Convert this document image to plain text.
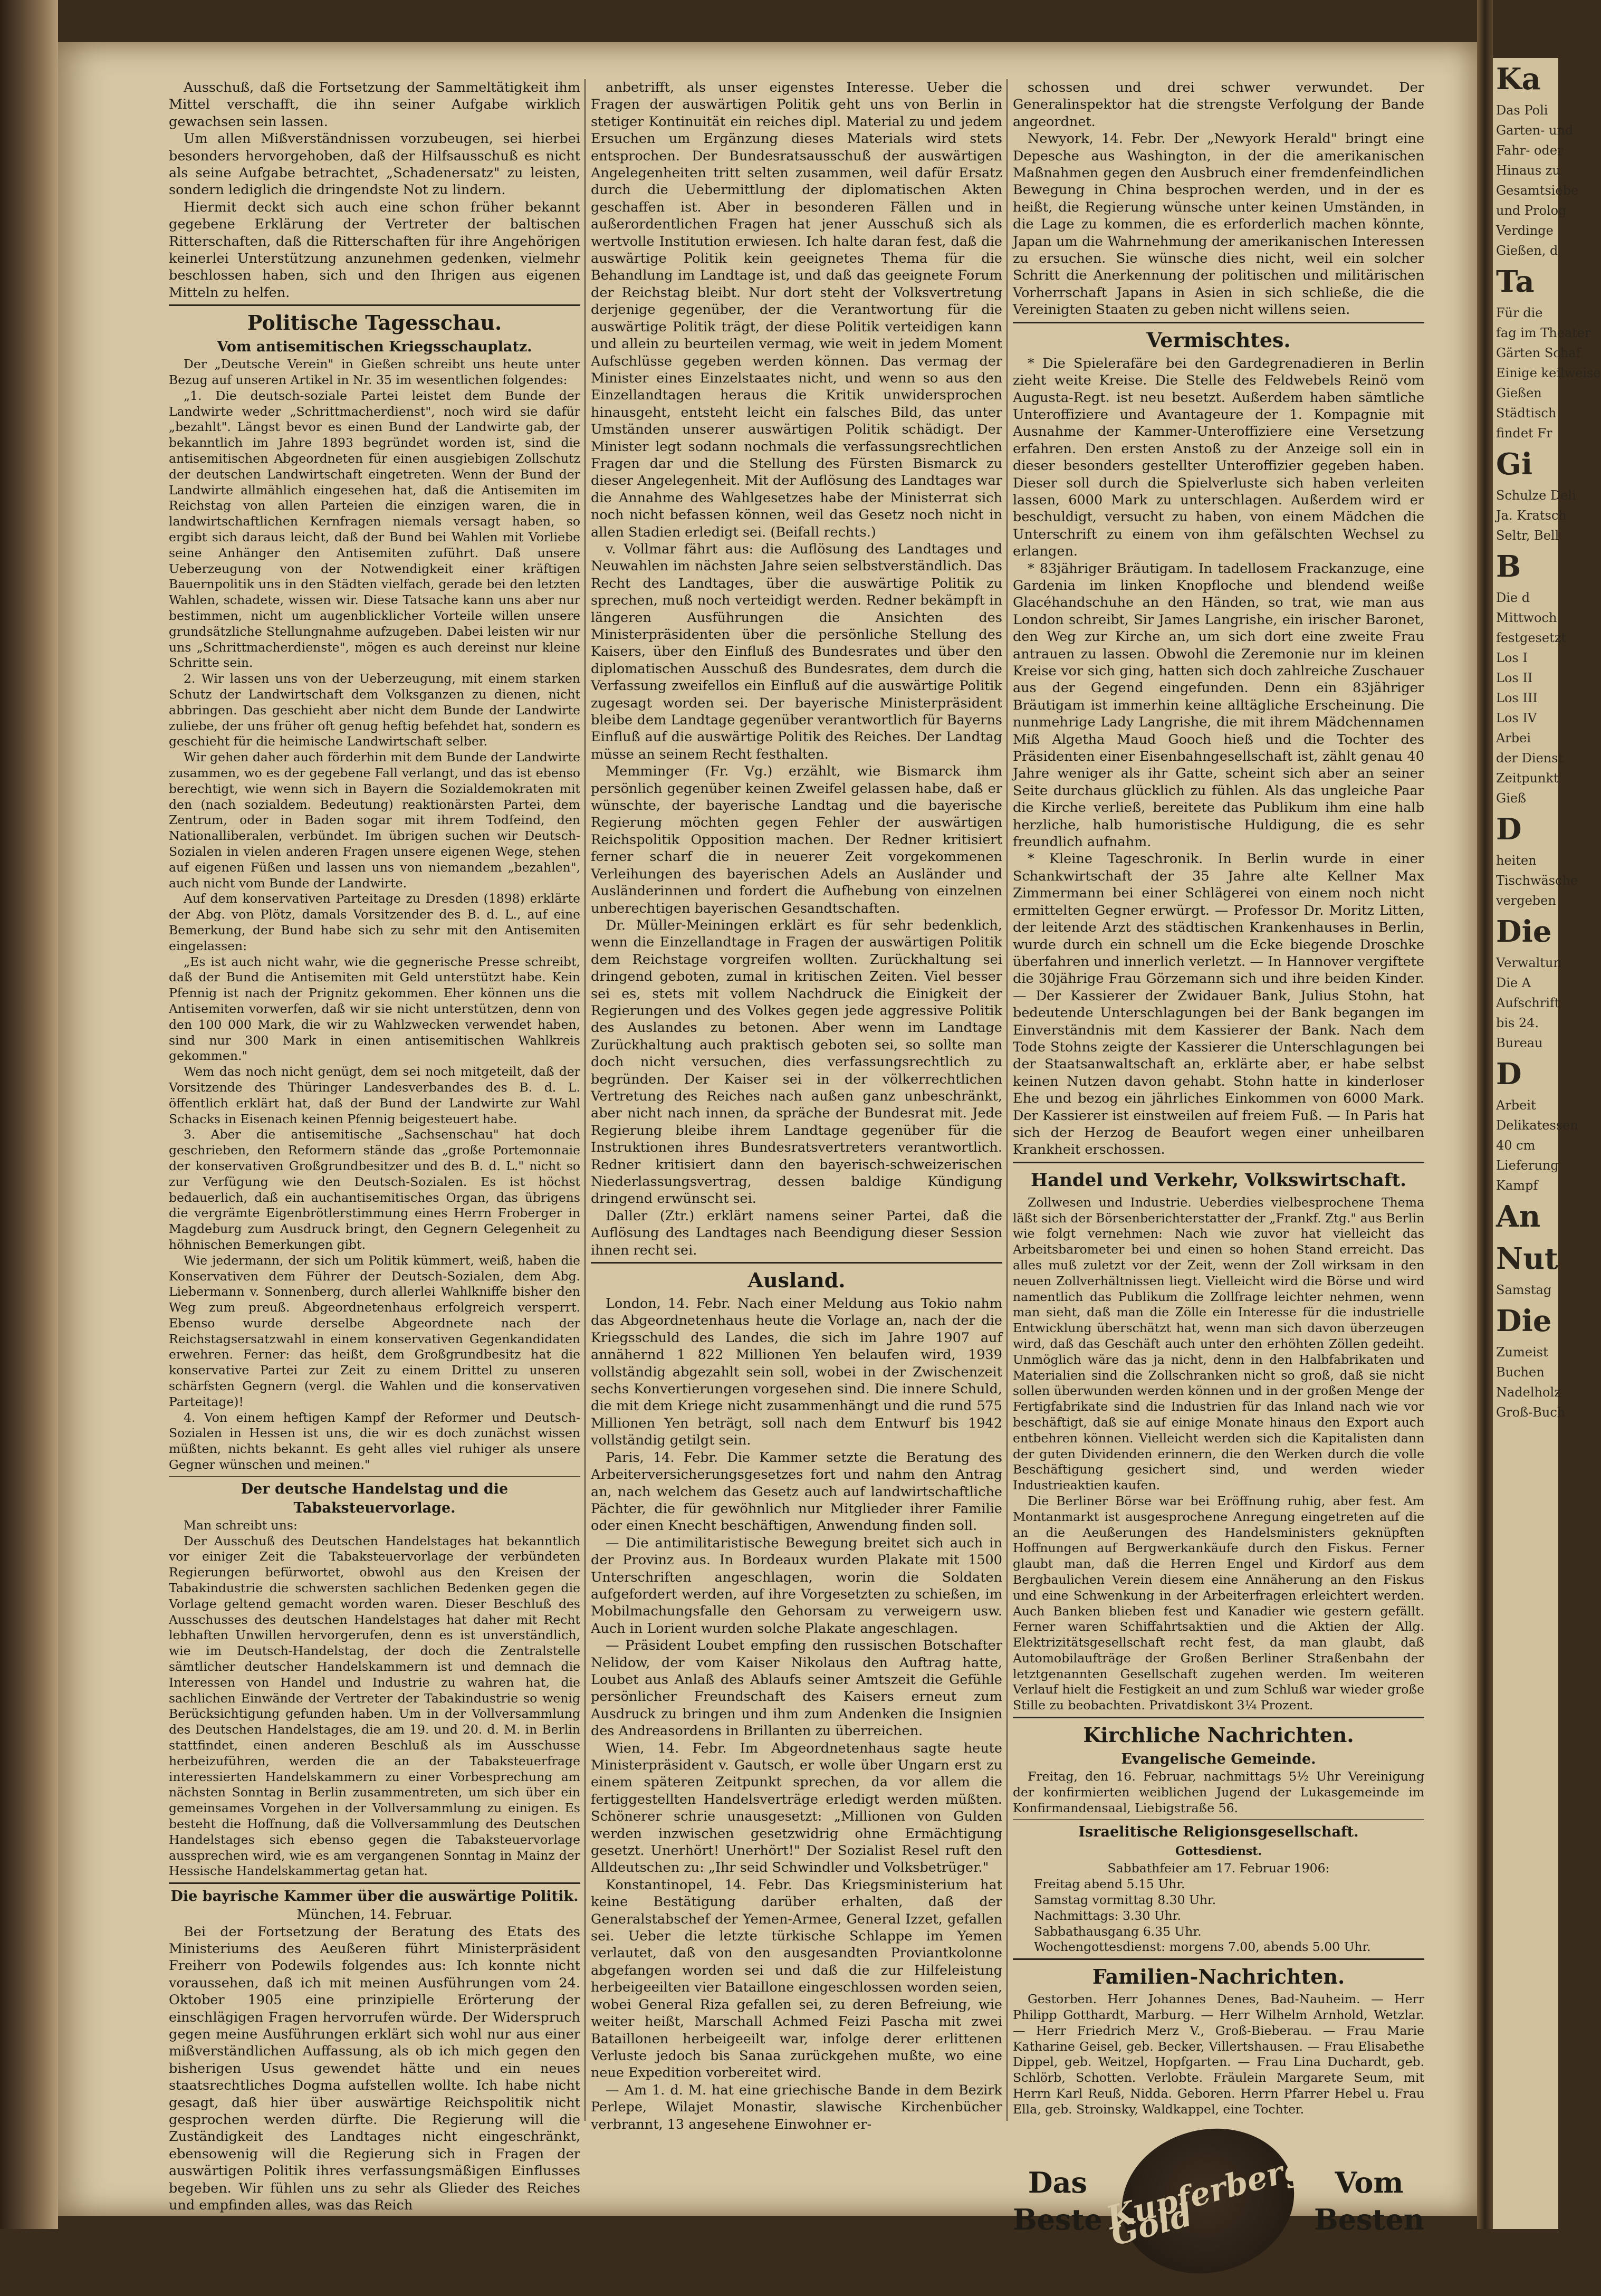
Ausschuß, daß die Fortsetzung der Sammeltätigkeit ihm Mittel verschafft, die ihn seiner Aufgabe wirklich gewachsen sein lassen.

Um allen Mißverständnissen vorzubeugen, sei hierbei besonders hervorgehoben, daß der Hilfsausschuß es nicht als seine Aufgabe betrachtet, „Schadenersatz" zu leisten, sondern lediglich die dringendste Not zu lindern.

Hiermit deckt sich auch eine schon früher bekannt gegebene Erklärung der Vertreter der baltischen Ritterschaften, daß die Ritterschaften für ihre Angehörigen keinerlei Unterstützung anzunehmen gedenken, vielmehr beschlossen haben, sich und den Ihrigen aus eigenen Mitteln zu helfen.

Politische Tagesschau.
Vom antisemitischen Kriegsschauplatz.

Der „Deutsche Verein" in Gießen schreibt uns heute unter Bezug auf unseren Artikel in Nr. 35 im wesentlichen folgendes:

„1. Die deutsch-soziale Partei leistet dem Bunde der Landwirte weder „Schrittmacherdienst", noch wird sie dafür „bezahlt". Längst bevor es einen Bund der Landwirte gab, der bekanntlich im Jahre 1893 begründet worden ist, sind die antisemitischen Abgeordneten für einen ausgiebigen Zollschutz der deutschen Landwirtschaft eingetreten. Wenn der Bund der Landwirte allmählich eingesehen hat, daß die Antisemiten im Reichstag von allen Parteien die einzigen waren, die in landwirtschaftlichen Kernfragen niemals versagt haben, so ergibt sich daraus leicht, daß der Bund bei Wahlen mit Vorliebe seine Anhänger den Antisemiten zuführt. Daß unsere Ueberzeugung von der Notwendigkeit einer kräftigen Bauernpolitik uns in den Städten vielfach, gerade bei den letzten Wahlen, schadete, wissen wir. Diese Tatsache kann uns aber nur bestimmen, nicht um augenblicklicher Vorteile willen unsere grundsätzliche Stellungnahme aufzugeben. Dabei leisten wir nur uns „Schrittmacherdienste", mögen es auch dereinst nur kleine Schritte sein.

2. Wir lassen uns von der Ueberzeugung, mit einem starken Schutz der Landwirtschaft dem Volksganzen zu dienen, nicht abbringen. Das geschieht aber nicht dem Bunde der Landwirte zuliebe, der uns früher oft genug heftig befehdet hat, sondern es geschieht für die heimische Landwirtschaft selber.

Wir gehen daher auch förderhin mit dem Bunde der Landwirte zusammen, wo es der gegebene Fall verlangt, und das ist ebenso berechtigt, wie wenn sich in Bayern die Sozialdemokraten mit den (nach sozialdem. Bedeutung) reaktionärsten Partei, dem Zentrum, oder in Baden sogar mit ihrem Todfeind, den Nationalliberalen, verbündet. Im übrigen suchen wir Deutsch-Sozialen in vielen anderen Fragen unsere eigenen Wege, stehen auf eigenen Füßen und lassen uns von niemandem „bezahlen", auch nicht vom Bunde der Landwirte.

Auf dem konservativen Parteitage zu Dresden (1898) erklärte der Abg. von Plötz, damals Vorsitzender des B. d. L., auf eine Bemerkung, der Bund habe sich zu sehr mit den Antisemiten eingelassen:

„Es ist auch nicht wahr, wie die gegnerische Presse schreibt, daß der Bund die Antisemiten mit Geld unterstützt habe. Kein Pfennig ist nach der Prignitz gekommen. Eher können uns die Antisemiten vorwerfen, daß wir sie nicht unterstützen, denn von den 100 000 Mark, die wir zu Wahlzwecken verwendet haben, sind nur 300 Mark in einen antisemitischen Wahlkreis gekommen."

Wem das noch nicht genügt, dem sei noch mitgeteilt, daß der Vorsitzende des Thüringer Landesverbandes des B. d. L. öffentlich erklärt hat, daß der Bund der Landwirte zur Wahl Schacks in Eisenach keinen Pfennig beigesteuert habe.

3. Aber die antisemitische „Sachsenschau" hat doch geschrieben, den Reformern stände das „große Portemonnaie der konservativen Großgrundbesitzer und des B. d. L." nicht so zur Verfügung wie den Deutsch-Sozialen. Es ist höchst bedauerlich, daß ein auchantisemitisches Organ, das übrigens die vergrämte Eigenbrötlerstimmung eines Herrn Froberger in Magdeburg zum Ausdruck bringt, den Gegnern Gelegenheit zu höhnischen Bemerkungen gibt.

Wie jedermann, der sich um Politik kümmert, weiß, haben die Konservativen dem Führer der Deutsch-Sozialen, dem Abg. Liebermann v. Sonnenberg, durch allerlei Wahlkniffe bisher den Weg zum preuß. Abgeordnetenhaus erfolgreich versperrt. Ebenso wurde derselbe Abgeordnete nach der Reichstagsersatzwahl in einem konservativen Gegenkandidaten erwehren. Ferner: das heißt, dem Großgrundbesitz hat die konservative Partei zur Zeit zu einem Drittel zu unseren schärfsten Gegnern (vergl. die Wahlen und die konservativen Parteitage)!

4. Von einem heftigen Kampf der Reformer und Deutsch-Sozialen in Hessen ist uns, die wir es doch zunächst wissen müßten, nichts bekannt. Es geht alles viel ruhiger als unsere Gegner wünschen und meinen."

Der deutsche Handelstag und die Tabaksteuervorlage.

Man schreibt uns:

Der Ausschuß des Deutschen Handelstages hat bekanntlich vor einiger Zeit die Tabaksteuervorlage der verbündeten Regierungen befürwortet, obwohl aus den Kreisen der Tabakindustrie die schwersten sachlichen Bedenken gegen die Vorlage geltend gemacht worden waren. Dieser Beschluß des Ausschusses des deutschen Handelstages hat daher mit Recht lebhaften Unwillen hervorgerufen, denn es ist unverständlich, wie im Deutsch-Handelstag, der doch die Zentralstelle sämtlicher deutscher Handelskammern ist und demnach die Interessen von Handel und Industrie zu wahren hat, die sachlichen Einwände der Vertreter der Tabakindustrie so wenig Berücksichtigung gefunden haben. Um in der Vollversammlung des Deutschen Handelstages, die am 19. und 20. d. M. in Berlin stattfindet, einen anderen Beschluß als im Ausschusse herbeizuführen, werden die an der Tabaksteuerfrage interessierten Handelskammern zu einer Vorbesprechung am nächsten Sonntag in Berlin zusammentreten, um sich über ein gemeinsames Vorgehen in der Vollversammlung zu einigen. Es besteht die Hoffnung, daß die Vollversammlung des Deutschen Handelstages sich ebenso gegen die Tabaksteuervorlage aussprechen wird, wie es am vergangenen Sonntag in Mainz der Hessische Handelskammertag getan hat.

Die bayrische Kammer über die auswärtige Politik.

München, 14. Februar.

Bei der Fortsetzung der Beratung des Etats des Ministeriums des Aeußeren führt Ministerpräsident Freiherr von Podewils folgendes aus: Ich konnte nicht voraussehen, daß ich mit meinen Ausführungen vom 24. Oktober 1905 eine prinzipielle Erörterung der einschlägigen Fragen hervorrufen würde. Der Widerspruch gegen meine Ausführungen erklärt sich wohl nur aus einer mißverständlichen Auffassung, als ob ich mich gegen den bisherigen Usus gewendet hätte und ein neues staatsrechtliches Dogma aufstellen wollte. Ich habe nicht gesagt, daß hier über auswärtige Reichspolitik nicht gesprochen werden dürfte. Die Regierung will die Zuständigkeit des Landtages nicht eingeschränkt, ebensowenig will die Regierung sich in Fragen der auswärtigen Politik ihres verfassungsmäßigen Einflusses begeben. Wir fühlen uns zu sehr als Glieder des Reiches und empfinden alles, was das Reich

anbetrifft, als unser eigenstes Interesse. Ueber die Fragen der auswärtigen Politik geht uns von Berlin in stetiger Kontinuität ein reiches dipl. Material zu und jedem Ersuchen um Ergänzung dieses Materials wird stets entsprochen. Der Bundesratsausschuß der auswärtigen Angelegenheiten tritt selten zusammen, weil dafür Ersatz durch die Uebermittlung der diplomatischen Akten geschaffen ist. Aber in besonderen Fällen und in außerordentlichen Fragen hat jener Ausschuß sich als wertvolle Institution erwiesen. Ich halte daran fest, daß die auswärtige Politik kein geeignetes Thema für die Behandlung im Landtage ist, und daß das geeignete Forum der Reichstag bleibt. Nur dort steht der Volksvertretung derjenige gegenüber, der die Verantwortung für die auswärtige Politik trägt, der diese Politik verteidigen kann und allein zu beurteilen vermag, wie weit in jedem Moment Aufschlüsse gegeben werden können. Das vermag der Minister eines Einzelstaates nicht, und wenn so aus den Einzellandtagen heraus die Kritik unwidersprochen hinausgeht, entsteht leicht ein falsches Bild, das unter Umständen unserer auswärtigen Politik schädigt. Der Minister legt sodann nochmals die verfassungsrechtlichen Fragen dar und die Stellung des Fürsten Bismarck zu dieser Angelegenheit. Mit der Auflösung des Landtages war die Annahme des Wahlgesetzes habe der Ministerrat sich noch nicht befassen können, weil das Gesetz noch nicht in allen Stadien erledigt sei. (Beifall rechts.)

v. Vollmar fährt aus: die Auflösung des Landtages und Neuwahlen im nächsten Jahre seien selbstverständlich. Das Recht des Landtages, über die auswärtige Politik zu sprechen, muß noch verteidigt werden. Redner bekämpft in längeren Ausführungen die Ansichten des Ministerpräsidenten über die persönliche Stellung des Kaisers, über den Einfluß des Bundesrates und über den diplomatischen Ausschuß des Bundesrates, dem durch die Verfassung zweifellos ein Einfluß auf die auswärtige Politik zugesagt worden sei. Der bayerische Ministerpräsident bleibe dem Landtage gegenüber verantwortlich für Bayerns Einfluß auf die auswärtige Politik des Reiches. Der Landtag müsse an seinem Recht festhalten.

Memminger (Fr. Vg.) erzählt, wie Bismarck ihm persönlich gegenüber keinen Zweifel gelassen habe, daß er wünschte, der bayerische Landtag und die bayerische Regierung möchten gegen Fehler der auswärtigen Reichspolitik Opposition machen. Der Redner kritisiert ferner scharf die in neuerer Zeit vorgekommenen Verleihungen des bayerischen Adels an Ausländer und Ausländerinnen und fordert die Aufhebung von einzelnen unberechtigen bayerischen Gesandtschaften.

Dr. Müller-Meiningen erklärt es für sehr bedenklich, wenn die Einzellandtage in Fragen der auswärtigen Politik dem Reichstage vorgreifen wollten. Zurückhaltung sei dringend geboten, zumal in kritischen Zeiten. Viel besser sei es, stets mit vollem Nachdruck die Einigkeit der Regierungen und des Volkes gegen jede aggressive Politik des Auslandes zu betonen. Aber wenn im Landtage Zurückhaltung auch praktisch geboten sei, so sollte man doch nicht versuchen, dies verfassungsrechtlich zu begründen. Der Kaiser sei in der völkerrechtlichen Vertretung des Reiches nach außen ganz unbeschränkt, aber nicht nach innen, da spräche der Bundesrat mit. Jede Regierung bleibe ihrem Landtage gegenüber für die Instruktionen ihres Bundesratsvertreters verantwortlich. Redner kritisiert dann den bayerisch-schweizerischen Niederlassungsvertrag, dessen baldige Kündigung dringend erwünscht sei.

Daller (Ztr.) erklärt namens seiner Partei, daß die Auflösung des Landtages nach Beendigung dieser Session ihnen recht sei.

Ausland.

London, 14. Febr. Nach einer Meldung aus Tokio nahm das Abgeordnetenhaus heute die Vorlage an, nach der die Kriegsschuld des Landes, die sich im Jahre 1907 auf annähernd 1 822 Millionen Yen belaufen wird, 1939 vollständig abgezahlt sein soll, wobei in der Zwischenzeit sechs Konvertierungen vorgesehen sind. Die innere Schuld, die mit dem Kriege nicht zusammenhängt und die rund 575 Millionen Yen beträgt, soll nach dem Entwurf bis 1942 vollständig getilgt sein.

Paris, 14. Febr. Die Kammer setzte die Beratung des Arbeiterversicherungsgesetzes fort und nahm den Antrag an, nach welchem das Gesetz auch auf landwirtschaftliche Pächter, die für gewöhnlich nur Mitglieder ihrer Familie oder einen Knecht beschäftigen, Anwendung finden soll.

— Die antimilitaristische Bewegung breitet sich auch in der Provinz aus. In Bordeaux wurden Plakate mit 1500 Unterschriften angeschlagen, worin die Soldaten aufgefordert werden, auf ihre Vorgesetzten zu schießen, im Mobilmachungsfalle den Gehorsam zu verweigern usw. Auch in Lorient wurden solche Plakate angeschlagen.

— Präsident Loubet empfing den russischen Botschafter Nelidow, der vom Kaiser Nikolaus den Auftrag hatte, Loubet aus Anlaß des Ablaufs seiner Amtszeit die Gefühle persönlicher Freundschaft des Kaisers erneut zum Ausdruck zu bringen und ihm zum Andenken die Insignien des Andreasordens in Brillanten zu überreichen.

Wien, 14. Febr. Im Abgeordnetenhaus sagte heute Ministerpräsident v. Gautsch, er wolle über Ungarn erst zu einem späteren Zeitpunkt sprechen, da vor allem die fertiggestellten Handelsverträge erledigt werden müßten. Schönerer schrie unausgesetzt: „Millionen von Gulden werden inzwischen gesetzwidrig ohne Ermächtigung gesetzt. Unerhört! Unerhört!" Der Sozialist Resel ruft den Alldeutschen zu: „Ihr seid Schwindler und Volksbetrüger."

Konstantinopel, 14. Febr. Das Kriegsministerium hat keine Bestätigung darüber erhalten, daß der Generalstabschef der Yemen-Armee, General Izzet, gefallen sei. Ueber die letzte türkische Schlappe im Yemen verlautet, daß von den ausgesandten Proviantkolonne abgefangen worden sei und daß die zur Hilfeleistung herbeigeeilten vier Bataillone eingeschlossen worden seien, wobei General Riza gefallen sei, zu deren Befreiung, wie weiter heißt, Marschall Achmed Feizi Pascha mit zwei Bataillonen herbeigeeilt war, infolge derer erlittenen Verluste jedoch bis Sanaa zurückgehen mußte, wo eine neue Expedition vorbereitet wird.

— Am 1. d. M. hat eine griechische Bande in dem Bezirk Perlepe, Wilajet Monastir, slawische Kirchenbücher verbrannt, 13 angesehene Einwohner er-

schossen und drei schwer verwundet. Der Generalinspektor hat die strengste Verfolgung der Bande angeordnet.

Newyork, 14. Febr. Der „Newyork Herald" bringt eine Depesche aus Washington, in der die amerikanischen Maßnahmen gegen den Ausbruch einer fremdenfeindlichen Bewegung in China besprochen werden, und in der es heißt, die Regierung wünsche unter keinen Umständen, in die Lage zu kommen, die es erforderlich machen könnte, Japan um die Wahrnehmung der amerikanischen Interessen zu ersuchen. Sie wünsche dies nicht, weil ein solcher Schritt die Anerkennung der politischen und militärischen Vorherrschaft Japans in Asien in sich schließe, die die Vereinigten Staaten zu geben nicht willens seien.

Vermischtes.

* Die Spielerafäre bei den Gardegrenadieren in Berlin zieht weite Kreise. Die Stelle des Feldwebels Reinö vom Augusta-Regt. ist neu besetzt. Außerdem haben sämtliche Unteroffiziere und Avantageure der 1. Kompagnie mit Ausnahme der Kammer-Unteroffiziere eine Versetzung erfahren. Den ersten Anstoß zu der Anzeige soll ein in dieser besonders gestellter Unteroffizier gegeben haben. Dieser soll durch die Spielverluste sich haben verleiten lassen, 6000 Mark zu unterschlagen. Außerdem wird er beschuldigt, versucht zu haben, von einem Mädchen die Unterschrift zu einem von ihm gefälschten Wechsel zu erlangen.

* 83jähriger Bräutigam. In tadellosem Frackanzuge, eine Gardenia im linken Knopfloche und blendend weiße Glacéhandschuhe an den Händen, so trat, wie man aus London schreibt, Sir James Langrishe, ein irischer Baronet, den Weg zur Kirche an, um sich dort eine zweite Frau antrauen zu lassen. Obwohl die Zeremonie nur im kleinen Kreise vor sich ging, hatten sich doch zahlreiche Zuschauer aus der Gegend eingefunden. Denn ein 83jähriger Bräutigam ist immerhin keine alltägliche Erscheinung. Die nunmehrige Lady Langrishe, die mit ihrem Mädchennamen Miß Algetha Maud Gooch hieß und die Tochter des Präsidenten einer Eisenbahngesellschaft ist, zählt genau 40 Jahre weniger als ihr Gatte, scheint sich aber an seiner Seite durchaus glücklich zu fühlen. Als das ungleiche Paar die Kirche verließ, bereitete das Publikum ihm eine halb herzliche, halb humoristische Huldigung, die es sehr freundlich aufnahm.

* Kleine Tageschronik. In Berlin wurde in einer Schankwirtschaft der 35 Jahre alte Kellner Max Zimmermann bei einer Schlägerei von einem noch nicht ermittelten Gegner erwürgt. — Professor Dr. Moritz Litten, der leitende Arzt des städtischen Krankenhauses in Berlin, wurde durch ein schnell um die Ecke biegende Droschke überfahren und innerlich verletzt. — In Hannover vergiftete die 30jährige Frau Görzemann sich und ihre beiden Kinder. — Der Kassierer der Zwidauer Bank, Julius Stohn, hat bedeutende Unterschlagungen bei der Bank begangen im Einverständnis mit dem Kassierer der Bank. Nach dem Tode Stohns zeigte der Kassierer die Unterschlagungen bei der Staatsanwaltschaft an, erklärte aber, er habe selbst keinen Nutzen davon gehabt. Stohn hatte in kinderloser Ehe und bezog ein jährliches Einkommen von 6000 Mark. Der Kassierer ist einstweilen auf freiem Fuß. — In Paris hat sich der Herzog de Beaufort wegen einer unheilbaren Krankheit erschossen.

Handel und Verkehr, Volkswirtschaft.

Zollwesen und Industrie. Ueberdies vielbesprochene Thema läßt sich der Börsenberichterstatter der „Frankf. Ztg." aus Berlin wie folgt vernehmen: Nach wie zuvor hat vielleicht das Arbeitsbarometer bei und einen so hohen Stand erreicht. Das alles muß zuletzt vor der Zeit, wenn der Zoll wirksam in den neuen Zollverhältnissen liegt. Vielleicht wird die Börse und wird namentlich das Publikum die Zollfrage leichter nehmen, wenn man sieht, daß man die Zölle ein Interesse für die industrielle Entwicklung überschätzt hat, wenn man sich davon überzeugen wird, daß das Geschäft auch unter den erhöhten Zöllen gedeiht. Unmöglich wäre das ja nicht, denn in den Halbfabrikaten und Materialien sind die Zollschranken nicht so groß, daß sie nicht sollen überwunden werden können und in der großen Menge der Fertigfabrikate sind die Industrien für das Inland nach wie vor beschäftigt, daß sie auf einige Monate hinaus den Export auch entbehren können. Vielleicht werden sich die Kapitalisten dann der guten Dividenden erinnern, die den Werken durch die volle Beschäftigung gesichert sind, und werden wieder Industrieaktien kaufen.

Die Berliner Börse war bei Eröffnung ruhig, aber fest. Am Montanmarkt ist ausgesprochene Anregung eingetreten auf die an die Aeußerungen des Handelsministers geknüpften Hoffnungen auf Bergwerkankäufe durch den Fiskus. Ferner glaubt man, daß die Herren Engel und Kirdorf aus dem Bergbaulichen Verein diesem eine Annäherung an den Fiskus und eine Schwenkung in der Arbeiterfragen erleichtert werden. Auch Banken blieben fest und Kanadier wie gestern gefällt. Ferner waren Schiffahrtsaktien und die Aktien der Allg. Elektrizitätsgesellschaft recht fest, da man glaubt, daß Automobilaufträge der Großen Berliner Straßenbahn der letztgenannten Gesellschaft zugehen werden. Im weiteren Verlauf hielt die Festigkeit an und zum Schluß war wieder große Stille zu beobachten. Privatdiskont 3¼ Prozent.

Kirchliche Nachrichten.
Evangelische Gemeinde.

Freitag, den 16. Februar, nachmittags 5½ Uhr Vereinigung der konfirmierten weiblichen Jugend der Lukasgemeinde im Konfirmandensaal, Liebigstraße 56.

Israelitische Religionsgesellschaft.
Gottesdienst.

Sabbathfeier am 17. Februar 1906:

Freitag abend 5.15 Uhr.

Samstag vormittag 8.30 Uhr.

Nachmittags: 3.30 Uhr.

Sabbathausgang 6.35 Uhr.

Wochengottesdienst: morgens 7.00, abends 5.00 Uhr.

Familien-Nachrichten.

Gestorben. Herr Johannes Denes, Bad-Nauheim. — Herr Philipp Gotthardt, Marburg. — Herr Wilhelm Arnhold, Wetzlar. — Herr Friedrich Merz V., Groß-Bieberau. — Frau Marie Katharine Geisel, geb. Becker, Villertshausen. — Frau Elisabethe Dippel, geb. Weitzel, Hopfgarten. — Frau Lina Duchardt, geb. Schlörb, Schotten. Verlobte. Fräulein Margarete Seum, mit Herrn Karl Reuß, Nidda. Geboren. Herrn Pfarrer Hebel u. Frau Ella, geb. Stroinsky, Waldkappel, eine Tochter.

Das
Beste Kupferberg Gold
Vom
Besten
Ka
Das Poli
Garten- und
Fahr- oder
Hinaus zu
Gesamtsiebe
und Prolog
Verdinge
Gießen, d
Ta
Für die
fag im Theater
Gärten Schaf
Einige keilweise
Gießen
Städtisch
findet Fr
Gi
Schulze Deli
Ja. Kratsch
Seltr, Bell
B
Die d
Mittwoch
festgesetzt
Los I
Los II
Los III
Los IV
Arbei
der Dienst
Zeitpunkt
Gieß
D
heiten
Tischwäsche
vergeben
Die
Verwaltun
Die A
Aufschrift
bis 24.
Bureau
D
Arbeit
Delikatessen
40 cm
Lieferung
Kampf
An
Nut
Samstag
Die
Zumeist
Buchen
Nadelholz
Groß-Buch
